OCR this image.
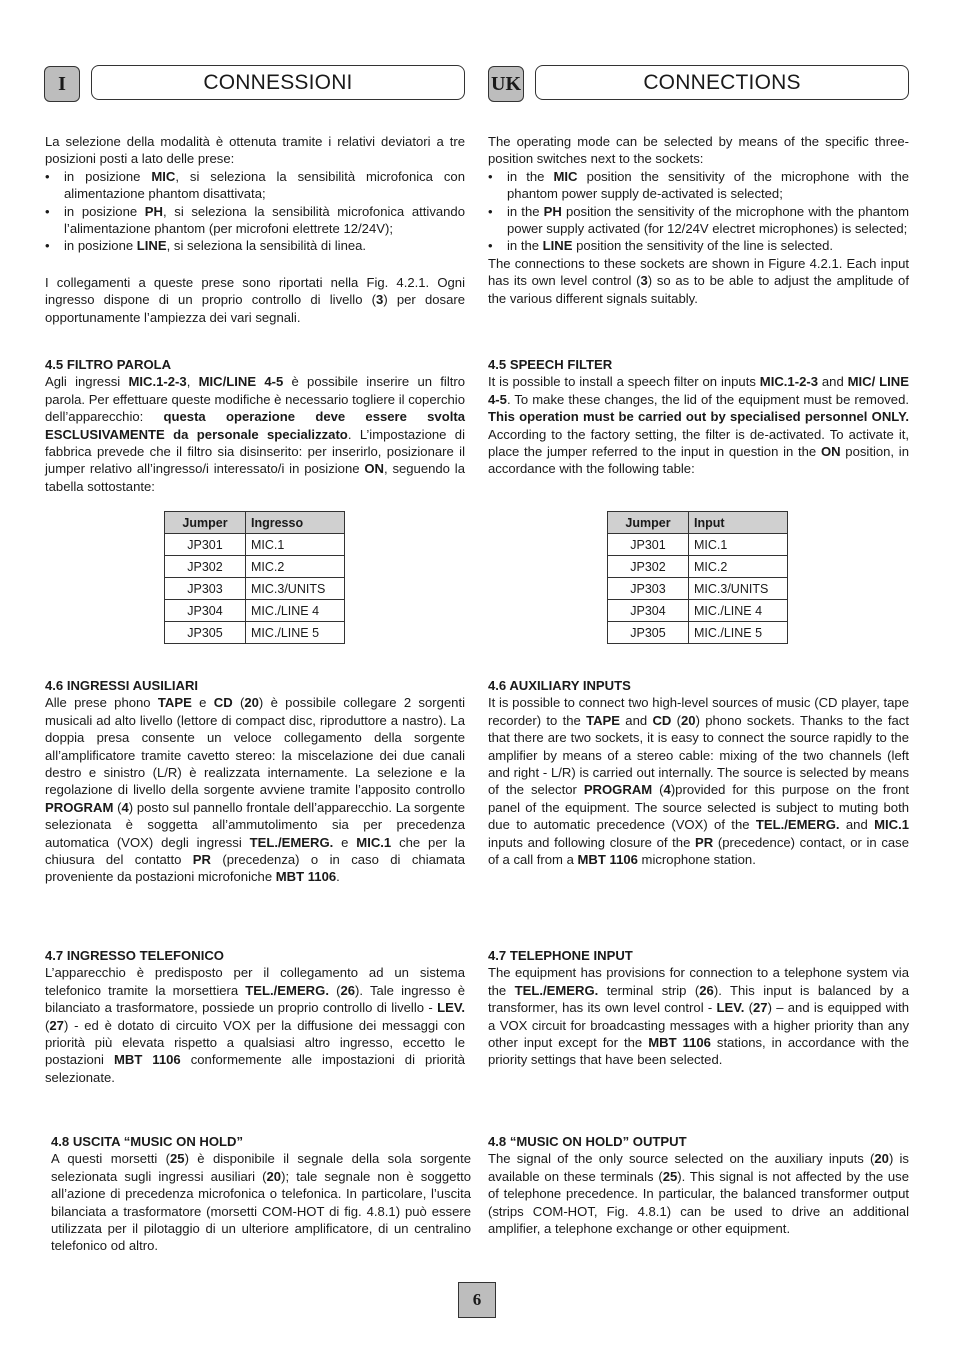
I	CONNESSIONI	UK	CONNECTIONS

La selezione della modalità è ottenuta tramite i relativi deviatori a tre posizioni posti a lato delle prese:

• in posizione MIC, si seleziona la sensibilità microfonica con alimentazione phantom disattivata;
• in posizione PH, si seleziona la sensibilità microfonica attivando l’alimentazione phantom (per microfoni elettrete 12/24V);
• in posizione LINE, si seleziona la sensibilità di linea.

I collegamenti a queste prese sono riportati nella Fig. 4.2.1. Ogni ingresso dispone di un proprio controllo di livello (3) per dosare opportunamente l’ampiezza dei vari segnali.

The operating mode can be selected by means of the specific three-position switches next to the sockets:

• in the MIC position the sensitivity of the microphone with the phantom power supply de-activated is selected;
• in the PH position the sensitivity of the microphone with the phantom power supply activated (for 12/24V electret microphones) is selected;
• in the LINE position the sensitivity of the line is selected.

The connections to these sockets are shown in Figure 4.2.1. Each input has its own level control (3) so as to be able to adjust the amplitude of the various different signals suitably.

4.5 FILTRO PAROLA

Agli ingressi MIC.1-2-3, MIC/LINE 4-5 è possibile inserire un filtro parola. Per effettuare queste modifiche è necessario togliere il coperchio dell’apparecchio: questa operazione deve essere svolta ESCLUSIVAMENTE da personale specializzato. L’impostazione di fabbrica prevede che il filtro sia disinserito: per inserirlo, posizionare il jumper relativo all’ingresso/i interessato/i in posizione ON, seguendo la tabella sottostante:

4.5 SPEECH FILTER

It is possible to install a speech filter on inputs MIC.1-2-3 and MIC/ LINE 4-5. To make these changes, the lid of the equipment must be removed. This operation must be carried out by specialised personnel ONLY. According to the factory setting, the filter is de-activated. To activate it, place the jumper referred to the input in question in the ON position, in accordance with the following table:

Jumper	Ingresso
JP301	MIC.1
JP302	MIC.2
JP303	MIC.3/UNITS
JP304	MIC./LINE 4
JP305	MIC./LINE 5
Jumper	Input
JP301	MIC.1
JP302	MIC.2
JP303	MIC.3/UNITS
JP304	MIC./LINE 4
JP305	MIC./LINE 5
4.6 INGRESSI AUSILIARI

Alle prese phono TAPE e CD (20) è possibile collegare 2 sorgenti musicali ad alto livello (lettore di compact disc, riproduttore a nastro). La doppia presa consente un veloce collegamento della sorgente all’amplificatore tramite cavetto stereo: la miscelazione dei due canali destro e sinistro (L/R) è realizzata internamente. La selezione e la regolazione di livello della sorgente avviene tramite l’apposito controllo PROGRAM (4) posto sul pannello frontale dell’apparecchio. La sorgente selezionata è soggetta all’ammutolimento sia per precedenza automatica (VOX) degli ingressi TEL./EMERG. e MIC.1 che per la chiusura del contatto PR (precedenza) o in caso di chiamata proveniente da postazioni microfoniche MBT 1106.

4.6 AUXILIARY INPUTS

It is possible to connect two high-level sources of music (CD player, tape recorder) to the TAPE and CD (20) phono sockets. Thanks to the fact that there are two sockets, it is easy to connect the source rapidly to the amplifier by means of a stereo cable: mixing of the two channels (left and right - L/R) is carried out internally. The source is selected by means of the selector PROGRAM (4)provided for this purpose on the front panel of the equipment. The source selected is subject to muting both due to automatic precedence (VOX) of the TEL./EMERG. and MIC.1 inputs and following closure of the PR (precedence) contact, or in case of a call from a MBT 1106 microphone station.

4.7 INGRESSO TELEFONICO

L’apparecchio è predisposto per il collegamento ad un sistema telefonico tramite la morsettiera TEL./EMERG. (26). Tale ingresso è bilanciato a trasformatore, possiede un proprio controllo di livello - LEV. (27) - ed è dotato di circuito VOX per la diffusione dei messaggi con priorità più elevata rispetto a qualsiasi altro ingresso, eccetto le postazioni MBT 1106 conformemente alle impostazioni di priorità selezionate.

4.7 TELEPHONE INPUT

The equipment has provisions for connection to a telephone system via the TEL./EMERG. terminal strip (26). This input is balanced by a transformer, has its own level control - LEV. (27) – and is equipped with a VOX circuit for broadcasting messages with a higher priority than any other input except for the MBT 1106 stations, in accordance with the priority settings that have been selected.

4.8 USCITA “MUSIC ON HOLD”

A questi morsetti (25) è disponibile il segnale della sola sorgente selezionata sugli ingressi ausiliari (20); tale segnale non è soggetto all’azione di precedenza microfonica o telefonica. In particolare, l’uscita bilanciata a trasformatore (morsetti COM-HOT di fig. 4.8.1) può essere utilizzata per il pilotaggio di un ulteriore amplificatore, di un centralino telefonico od altro.

4.8 “MUSIC ON HOLD” OUTPUT

The signal of the only source selected on the auxiliary inputs (20) is available on these terminals (25). This signal is not affected by the use of telephone precedence. In particular, the balanced transformer output (strips COM-HOT, Fig. 4.8.1) can be used to drive an additional amplifier, a telephone exchange or other equipment.

6
